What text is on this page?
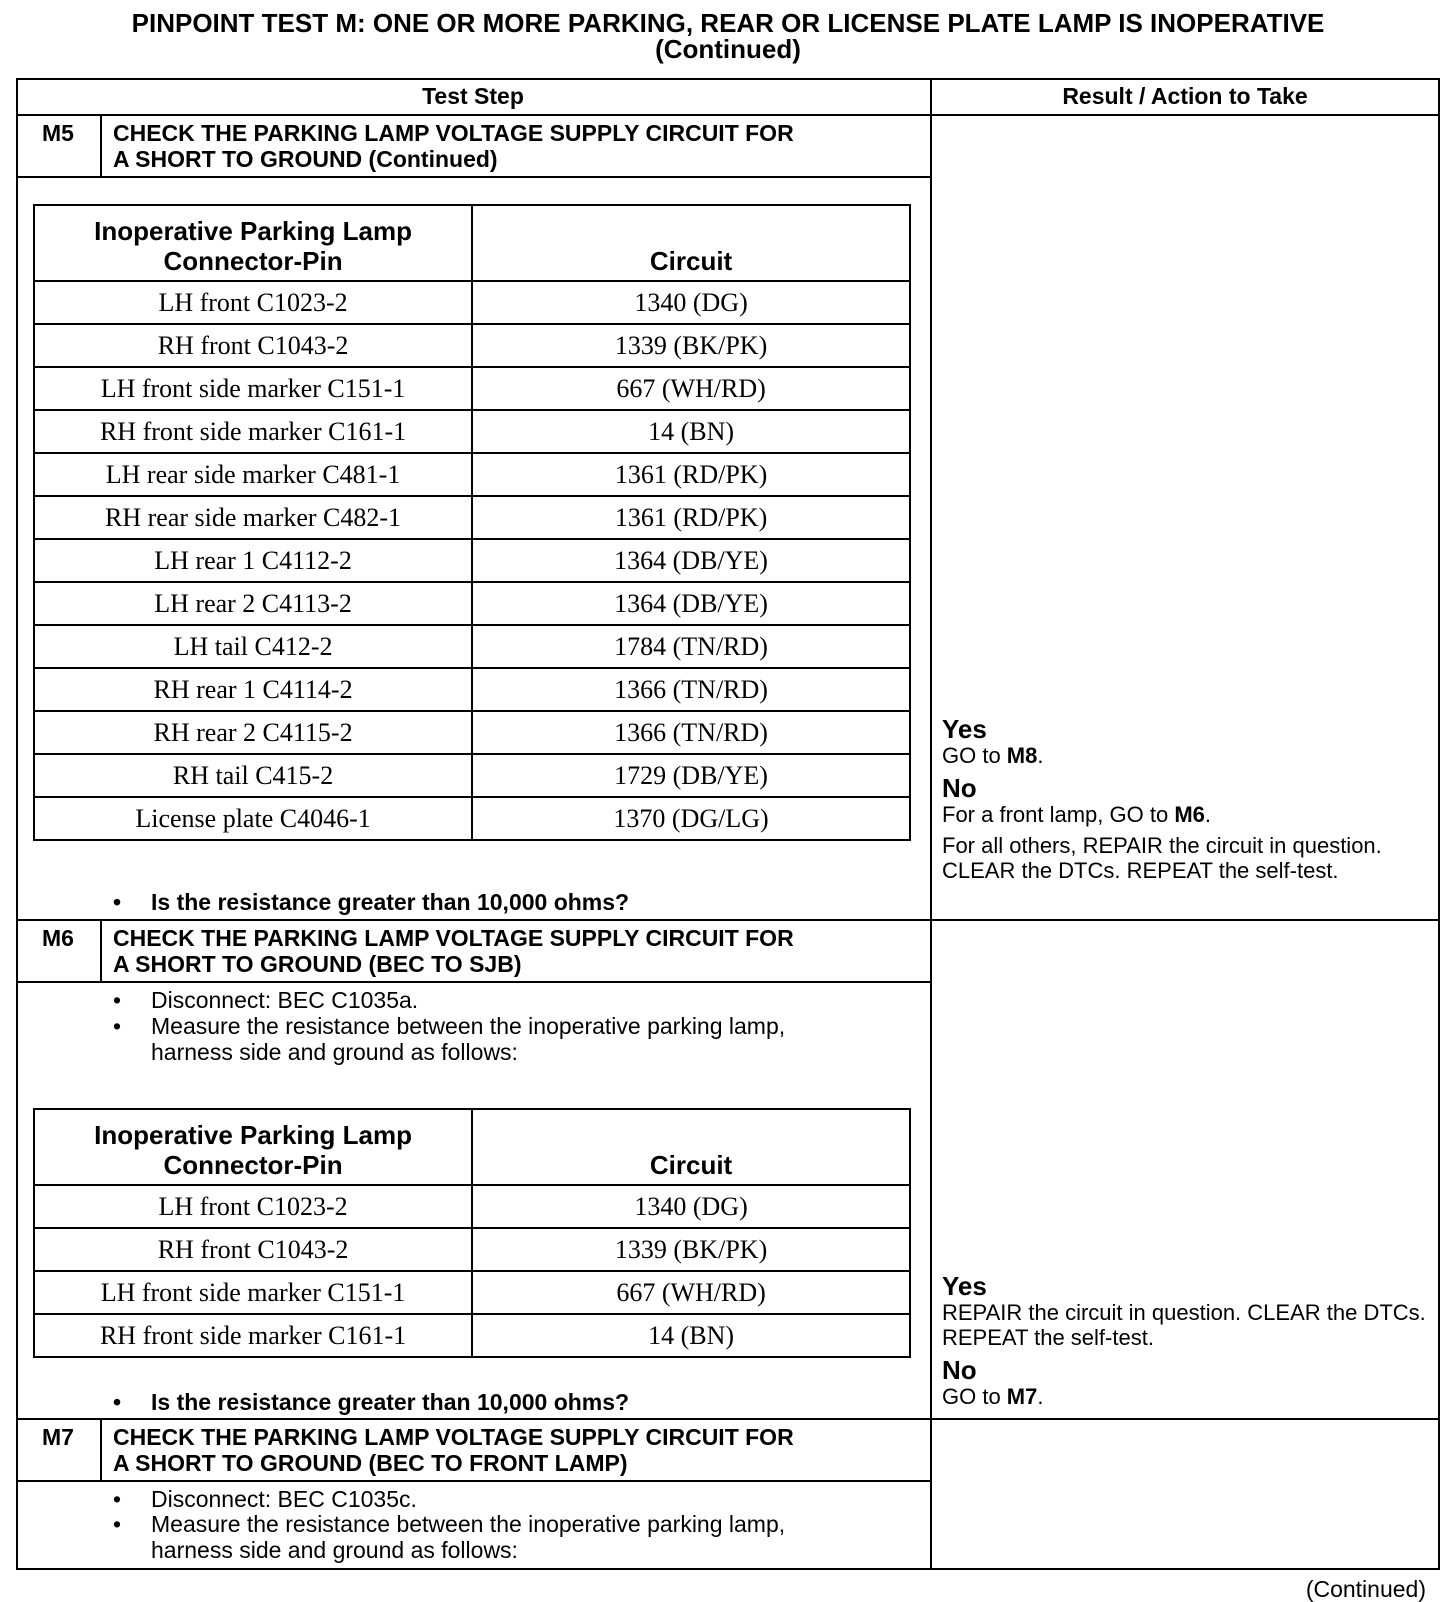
PINPOINT TEST M: ONE OR MORE PARKING, REAR OR LICENSE PLATE LAMP IS INOPERATIVE
(Continued)
Test Step	Result / Action to Take
M5	CHECK THE PARKING LAMP VOLTAGE SUPPLY CIRCUIT FOR
A SHORT TO GROUND (Continued)
Inoperative Parking Lamp
Connector-Pin	Circuit
LH front C1023-2	1340 (DG)
RH front C1043-2	1339 (BK/PK)
LH front side marker C151-1	667 (WH/RD)
RH front side marker C161-1	14 (BN)
LH rear side marker C481-1	1361 (RD/PK)
RH rear side marker C482-1	1361 (RD/PK)
LH rear 1 C4112-2	1364 (DB/YE)
LH rear 2 C4113-2	1364 (DB/YE)
LH tail C412-2	1784 (TN/RD)
RH rear 1 C4114-2	1366 (TN/RD)
RH rear 2 C4115-2	1366 (TN/RD)
RH tail C415-2	1729 (DB/YE)
License plate C4046-1	1370 (DG/LG)
• Is the resistance greater than 10,000 ohms?

Yes

GO to M8.

No

For a front lamp, GO to M6.

For all others, REPAIR the circuit in question. CLEAR the DTCs. REPEAT the self-test.

M6	CHECK THE PARKING LAMP VOLTAGE SUPPLY CIRCUIT FOR
A SHORT TO GROUND (BEC TO SJB)
• Disconnect: BEC C1035a.
• Measure the resistance between the inoperative parking lamp,
harness side and ground as follows:
Inoperative Parking Lamp
Connector-Pin	Circuit
LH front C1023-2	1340 (DG)
RH front C1043-2	1339 (BK/PK)
LH front side marker C151-1	667 (WH/RD)
RH front side marker C161-1	14 (BN)
• Is the resistance greater than 10,000 ohms?

Yes

REPAIR the circuit in question. CLEAR the DTCs. REPEAT the self-test.

No

GO to M7.

M7	CHECK THE PARKING LAMP VOLTAGE SUPPLY CIRCUIT FOR
A SHORT TO GROUND (BEC TO FRONT LAMP)
• Disconnect: BEC C1035c.
• Measure the resistance between the inoperative parking lamp,
harness side and ground as follows:
(Continued)
